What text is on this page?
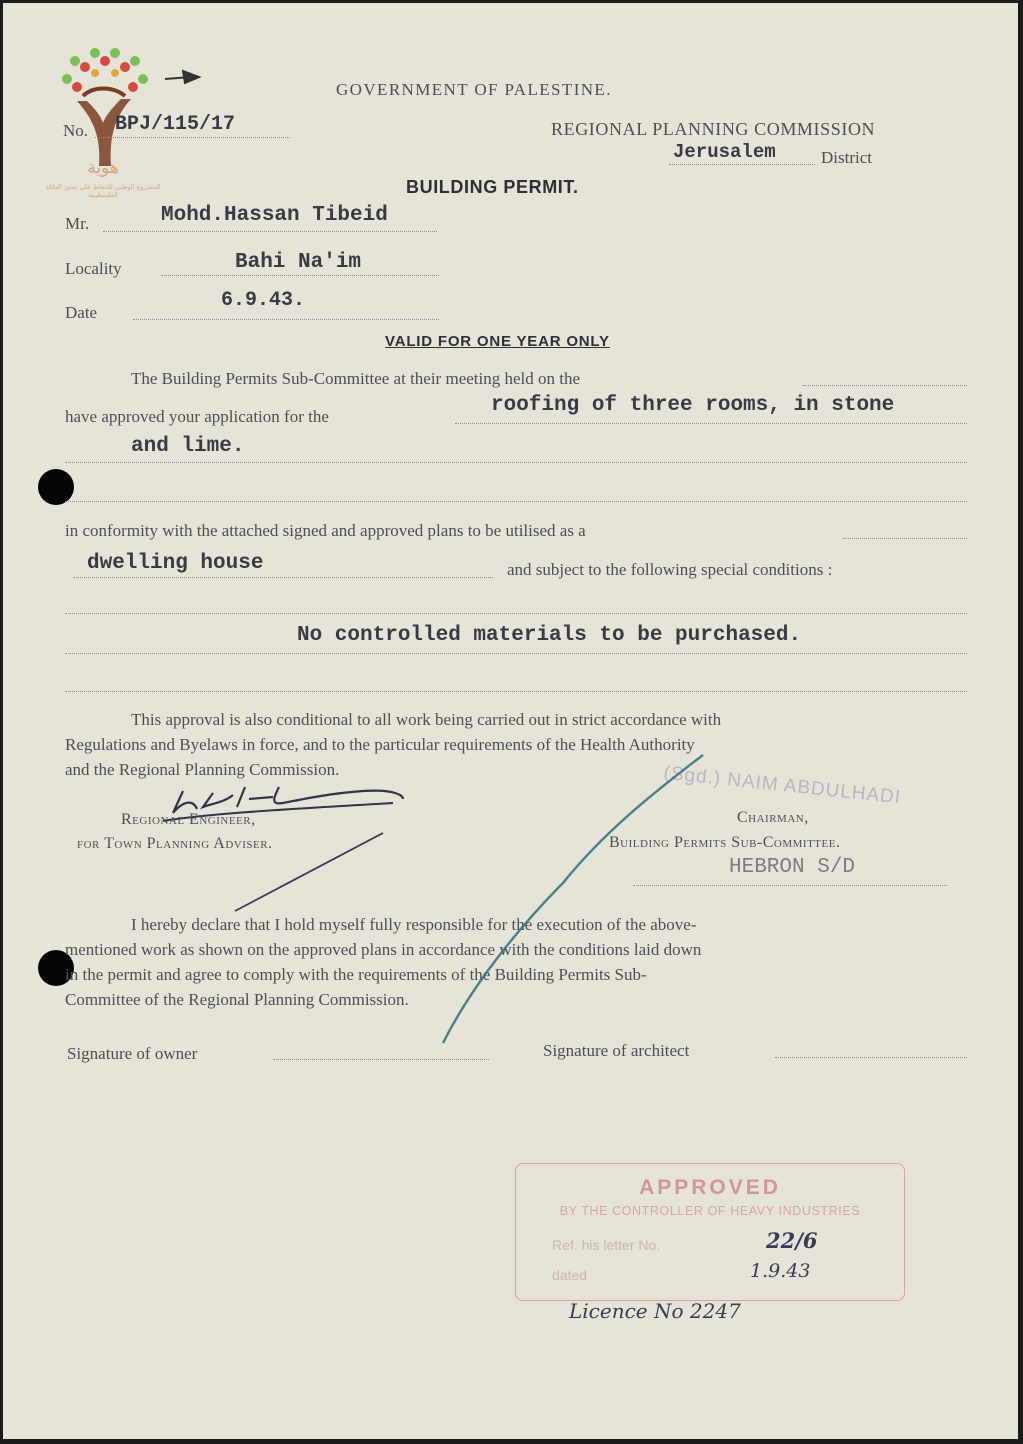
هوية
المشروع الوطني للحفاظ على جذور العائلة الفلسطينية
GOVERNMENT OF PALESTINE.
No. BPJ/115/17	REGIONAL PLANNING COMMISSION
Jerusalem	District
BUILDING PERMIT.
Mr.	Mohd.Hassan Tibeid
Locality	Bahi Na'im
Date
6.9.43.
VALID FOR ONE YEAR ONLY
The Building Permits Sub-Committee at their meeting held on the
have approved your application for the	roofing of three rooms, in stone
and lime.
in conformity with the attached signed and approved plans to be utilised as a
dwelling house	and subject to the following special conditions :
No controlled materials to be purchased.
This approval is also conditional to all work being carried out in strict accordance with
Regulations and Byelaws in force, and to the particular requirements of the Health Authority
and the Regional Planning Commission.
Regional Engineer,
for Town Planning Adviser.
(Sgd.) NAIM ABDULHADI
Chairman,
Building Permits Sub-Committee.
HEBRON S/D
I hereby declare that I hold myself fully responsible for the execution of the above-
mentioned work as shown on the approved plans in accordance with the conditions laid down
in the permit and agree to comply with the requirements of the Building Permits Sub-
Committee of the Regional Planning Commission.
Signature of owner	Signature of architect
APPROVED
BY THE CONTROLLER OF HEAVY INDUSTRIES
Ref. his letter No.	22/6
dated	1.9.43
Licence No 2247
